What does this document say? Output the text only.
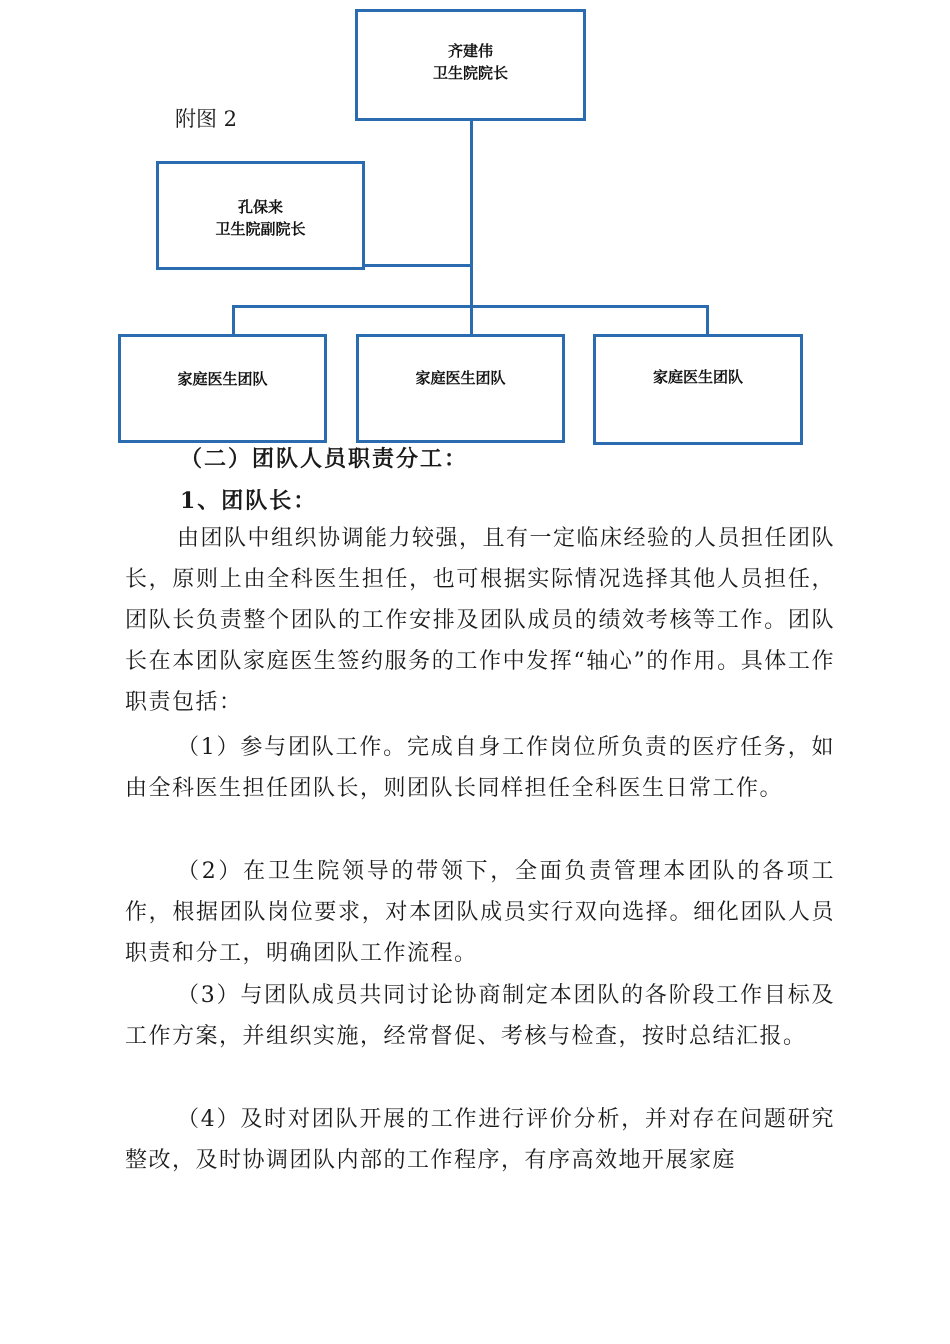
齐建伟
卫生院院长
附图 2
孔保来
卫生院副院长
家庭医生团队	家庭医生团队	家庭医生团队
（二）团队人员职责分工：
1、团队长：
由团队中组织协调能力较强，且有一定临床经验的人员担任团队长，原则上由全科医生担任，也可根据实际情况选择其他人员担任，团队长负责整个团队的工作安排及团队成员的绩效考核等工作。团队长在本团队家庭医生签约服务的工作中发挥“轴心”的作用。具体工作职责包括：
（1）参与团队工作。完成自身工作岗位所负责的医疗任务，如由全科医生担任团队长，则团队长同样担任全科医生日常工作。
（2）在卫生院领导的带领下，全面负责管理本团队的各项工作，根据团队岗位要求，对本团队成员实行双向选择。细化团队人员职责和分工，明确团队工作流程。
（3）与团队成员共同讨论协商制定本团队的各阶段工作目标及工作方案，并组织实施，经常督促、考核与检查，按时总结汇报。
（4）及时对团队开展的工作进行评价分析，并对存在问题研究整改，及时协调团队内部的工作程序，有序高效地开展家庭
